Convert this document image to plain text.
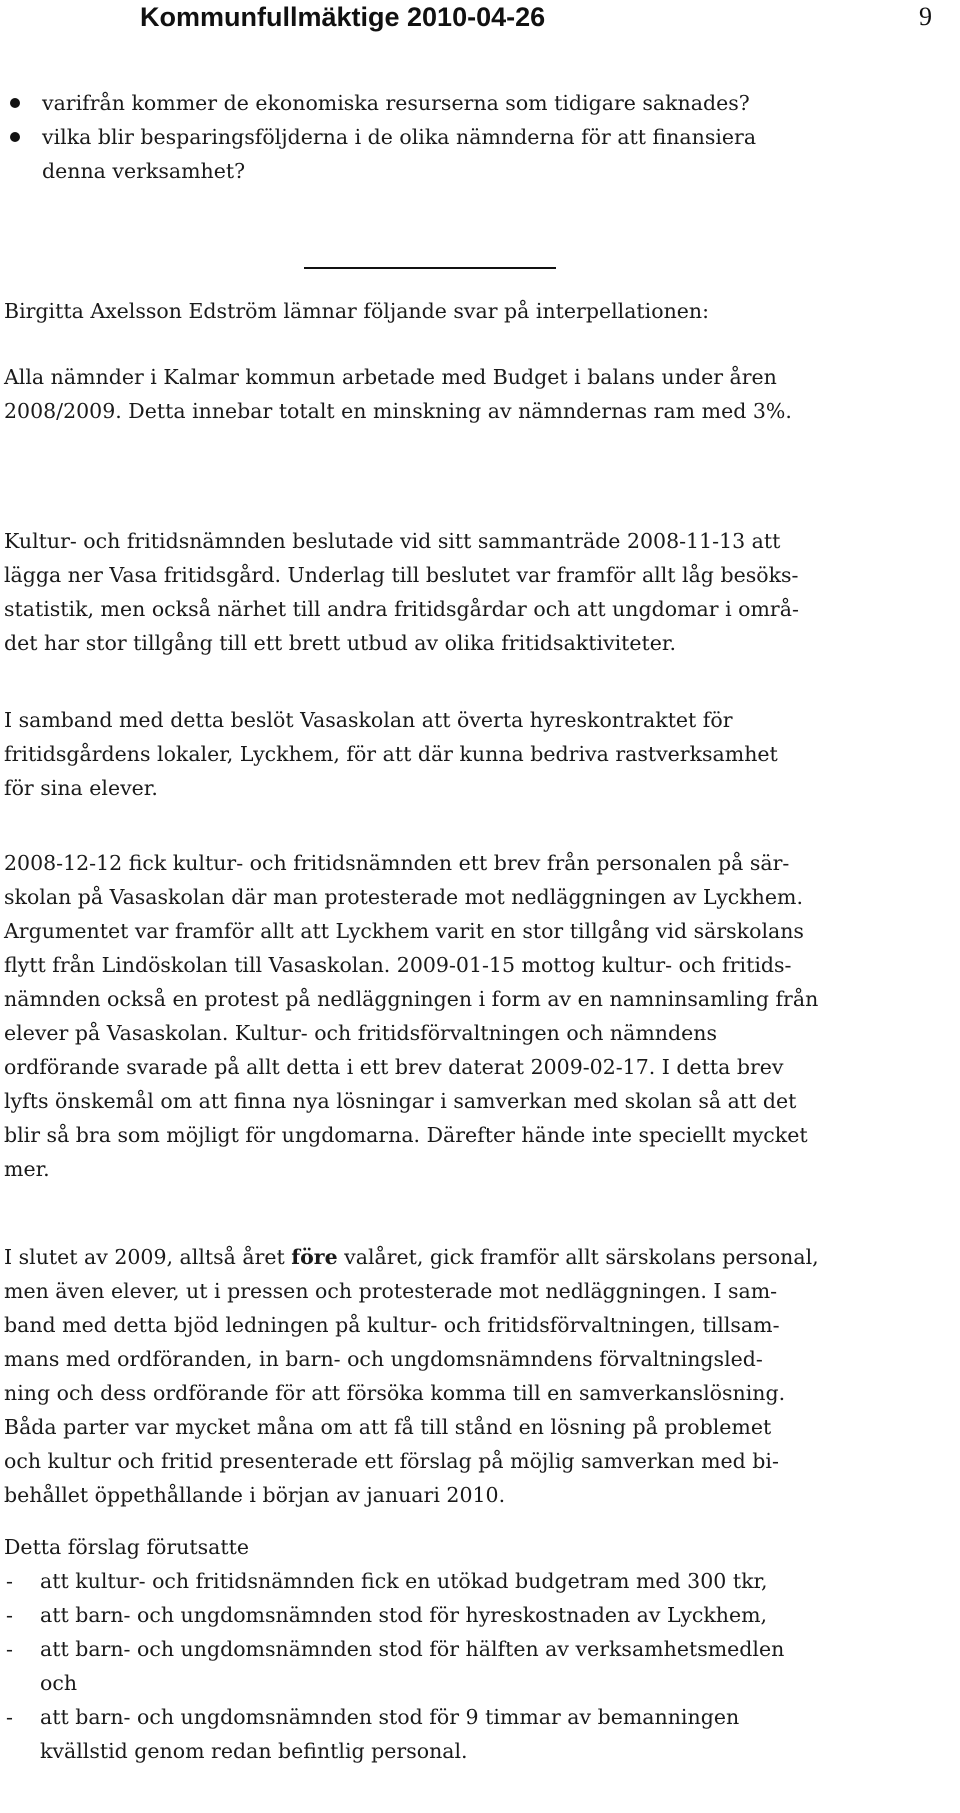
Kommunfullmäktige 2010-04-26	9
varifrån kommer de ekonomiska resurserna som tidigare saknades?
vilka blir besparingsföljderna i de olika nämnderna för att finansiera
denna verksamhet?
Birgitta Axelsson Edström lämnar följande svar på interpellationen:
Alla nämnder i Kalmar kommun arbetade med Budget i balans under åren
2008/2009. Detta innebar totalt en minskning av nämndernas ram med 3%.
Kultur- och fritidsnämnden beslutade vid sitt sammanträde 2008-11-13 att
lägga ner Vasa fritidsgård. Underlag till beslutet var framför allt låg besöks-
statistik, men också närhet till andra fritidsgårdar och att ungdomar i områ-
det har stor tillgång till ett brett utbud av olika fritidsaktiviteter.
I samband med detta beslöt Vasaskolan att överta hyreskontraktet för
fritidsgårdens lokaler, Lyckhem, för att där kunna bedriva rastverksamhet
för sina elever.
2008-12-12 fick kultur- och fritidsnämnden ett brev från personalen på sär-
skolan på Vasaskolan där man protesterade mot nedläggningen av Lyckhem.
Argumentet var framför allt att Lyckhem varit en stor tillgång vid särskolans
flytt från Lindöskolan till Vasaskolan. 2009-01-15 mottog kultur- och fritids-
nämnden också en protest på nedläggningen i form av en namninsamling från
elever på Vasaskolan. Kultur- och fritidsförvaltningen och nämndens
ordförande svarade på allt detta i ett brev daterat 2009-02-17. I detta brev
lyfts önskemål om att finna nya lösningar i samverkan med skolan så att det
blir så bra som möjligt för ungdomarna. Därefter hände inte speciellt mycket
mer.
I slutet av 2009, alltså året före valåret, gick framför allt särskolans personal,
men även elever, ut i pressen och protesterade mot nedläggningen. I sam-
band med detta bjöd ledningen på kultur- och fritidsförvaltningen, tillsam-
mans med ordföranden, in barn- och ungdomsnämndens förvaltningsled-
ning och dess ordförande för att försöka komma till en samverkanslösning.
Båda parter var mycket måna om att få till stånd en lösning på problemet
och kultur och fritid presenterade ett förslag på möjlig samverkan med bi-
behållet öppethållande i början av januari 2010.
Detta förslag förutsatte
- att kultur- och fritidsnämnden fick en utökad budgetram med 300 tkr,
- att barn- och ungdomsnämnden stod för hyreskostnaden av Lyckhem,
- att barn- och ungdomsnämnden stod för hälften av verksamhetsmedlen
och
- att barn- och ungdomsnämnden stod för 9 timmar av bemanningen
kvällstid genom redan befintlig personal.
